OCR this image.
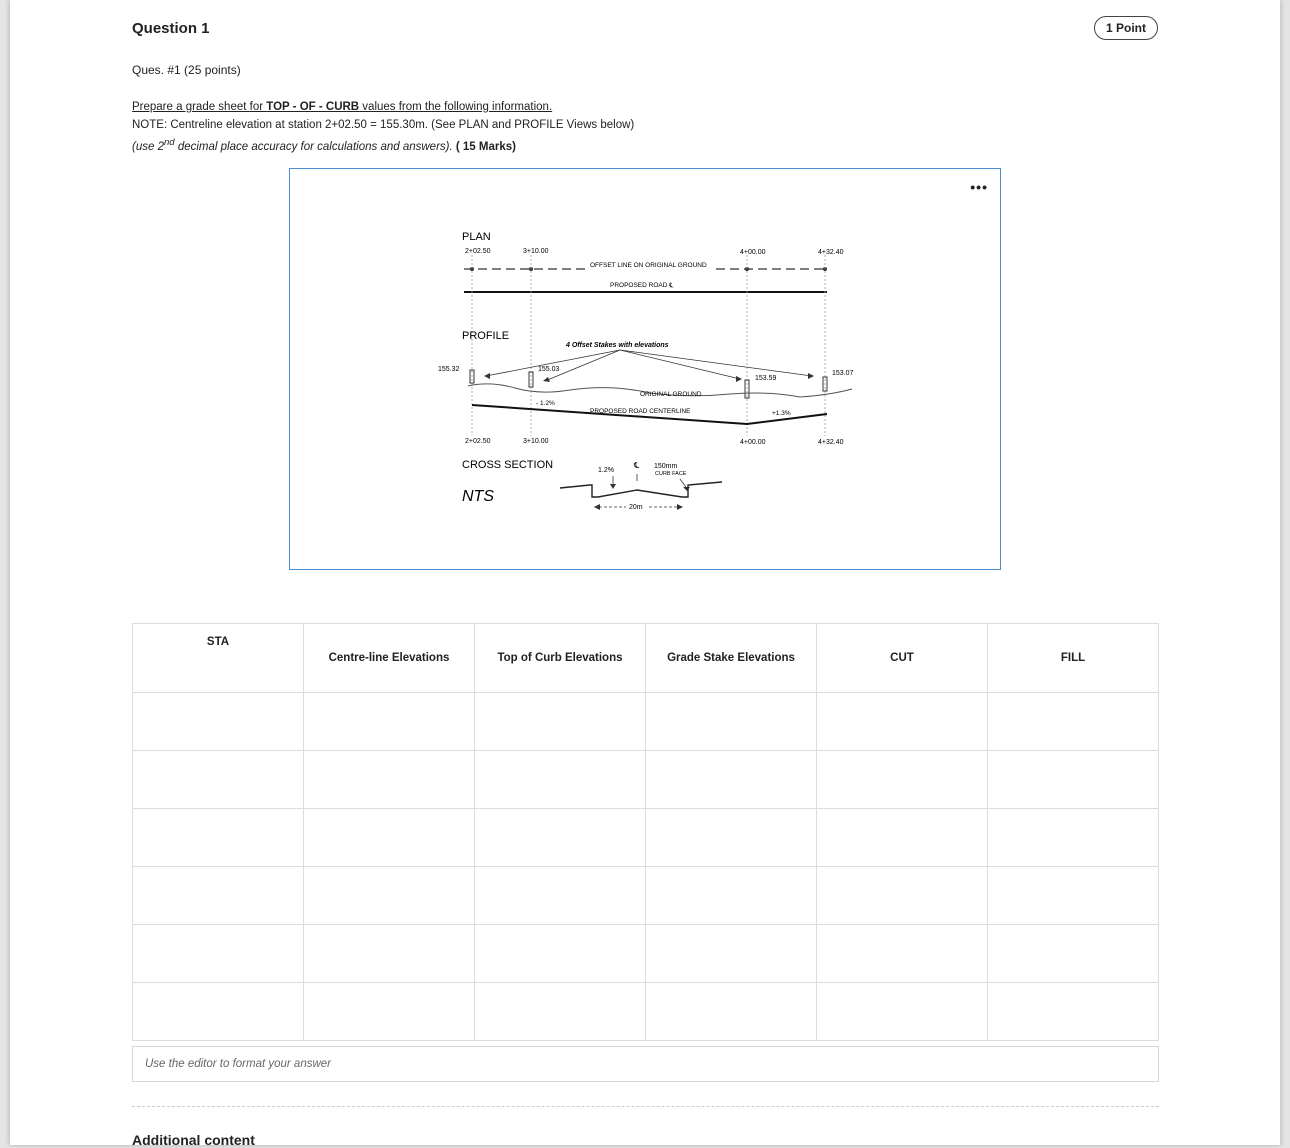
Question 1	1 Point
Ques. #1 (25 points)
Prepare a grade sheet for TOP - OF - CURB values from the following information.
NOTE: Centreline elevation at station 2+02.50 = 155.30m. (See PLAN and PROFILE Views below)
(use 2nd decimal place accuracy for calculations and answers). ( 15 Marks)
•••
PLAN
2+02.50	3+10.00	4+00.00	4+32.40
OFFSET LINE ON ORIGINAL GROUND
PROPOSED ROAD ℄
PROFILE
4 Offset Stakes with elevations
155.32	155.03
153.59
153.07
ORIGINAL GROUND
- 1.2%
+1.3%
PROPOSED ROAD CENTERLINE
2+02.50	3+10.00	4+00.00	4+32.40
CROSS SECTION
NTS
1.2%
℄ 150mm
CURB FACE
20m
STA	Centre-line Elevations	Top of Curb Elevations	Grade Stake Elevations	CUT	FILL

Use the editor to format your answer
Additional content
